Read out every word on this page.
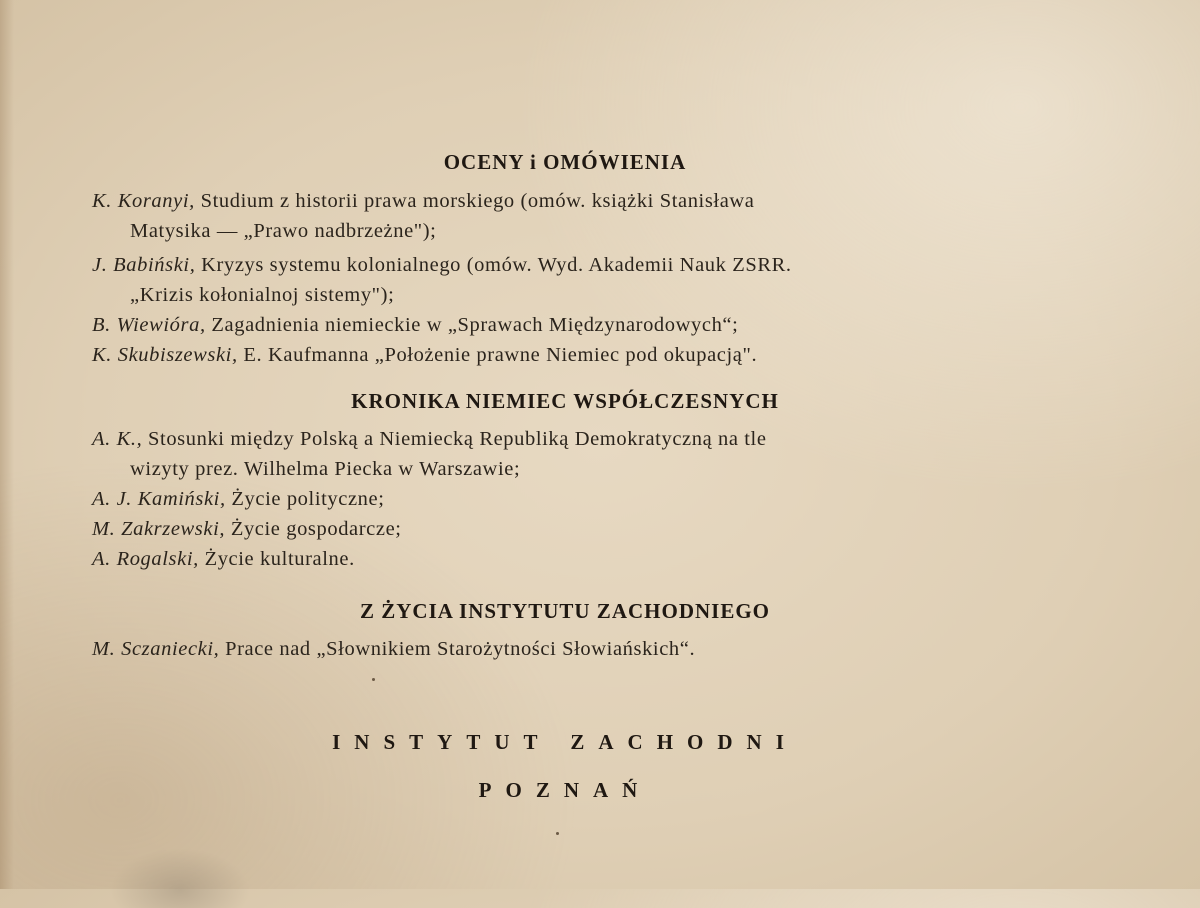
OCENY i OMÓWIENIA
K. Koranyi, Studium z historii prawa morskiego (omów. książki Stanisława
Matysika — „Prawo nadbrzeżne");
J. Babiński, Kryzys systemu kolonialnego (omów. Wyd. Akademii Nauk ZSRR.
„Krizis kołonialnoj sistemy");
B. Wiewióra, Zagadnienia niemieckie w „Sprawach Międzynarodowych“;
K. Skubiszewski, E. Kaufmanna „Położenie prawne Niemiec pod okupacją".
KRONIKA NIEMIEC WSPÓŁCZESNYCH
A. K., Stosunki między Polską a Niemiecką Republiką Demokratyczną na tle
wizyty prez. Wilhelma Piecka w Warszawie;
A. J. Kamiński, Życie polityczne;
M. Zakrzewski, Życie gospodarcze;
A. Rogalski, Życie kulturalne.
Z ŻYCIA INSTYTUTU ZACHODNIEGO
M. Sczaniecki, Prace nad „Słownikiem Starożytności Słowiańskich“.
INSTYTUT ZACHODNI
POZNAŃ
